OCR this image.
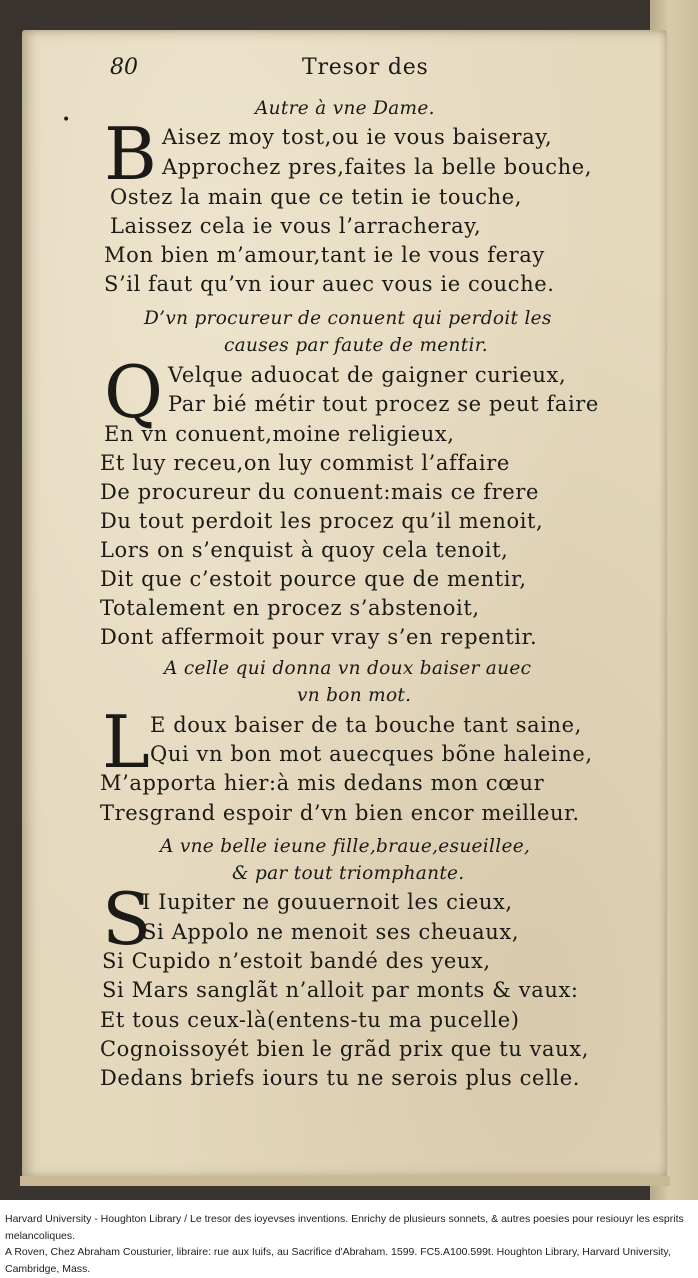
80	Tresor des
•
Autre à vne Dame.
B Aisez moy tost,ou ie vous baiseray,
Approchez pres,faites la belle bouche,
Ostez la main que ce tetin ie touche,
Laissez cela ie vous l’arracheray,
Mon bien m’amour,tant ie le vous feray
S’il faut qu’vn iour auec vous ie couche.
D’vn procureur de conuent qui perdoit les
causes par faute de mentir.
Q Velque aduocat de gaigner curieux,
Par bié métir tout procez se peut faire
En vn conuent,moine religieux,
Et luy receu,on luy commist l’affaire
De procureur du conuent:mais ce frere
Du tout perdoit les procez qu’il menoit,
Lors on s’enquist à quoy cela tenoit,
Dit que c’estoit pource que de mentir,
Totalement en procez s’abstenoit,
Dont affermoit pour vray s’en repentir.
A celle qui donna vn doux baiser auec
vn bon mot.
L E doux baiser de ta bouche tant saine,
Qui vn bon mot auecques bõne haleine,
M’apporta hier:à mis dedans mon cœur
Tresgrand espoir d’vn bien encor meilleur.
A vne belle ieune fille,braue,esueillee,
& par tout triomphante.
S
I Iupiter ne gouuernoit les cieux,
Si Appolo ne menoit ses cheuaux,
Si Cupido n’estoit bandé des yeux,
Si Mars sanglãt n’alloit par monts & vaux:
Et tous ceux-là(entens-tu ma pucelle)
Cognoissoyét bien le grãd prix que tu vaux,
Dedans briefs iours tu ne serois plus celle.

Harvard University - Houghton Library / Le tresor des ioyevses inventions. Enrichy de plusieurs sonnets, & autres poesies pour resiouyr les esprits melancoliques.

A Roven, Chez Abraham Cousturier, libraire: rue aux Iuifs, au Sacrifice d'Abraham. 1599. FC5.A100.599t. Houghton Library, Harvard University, Cambridge, Mass.
